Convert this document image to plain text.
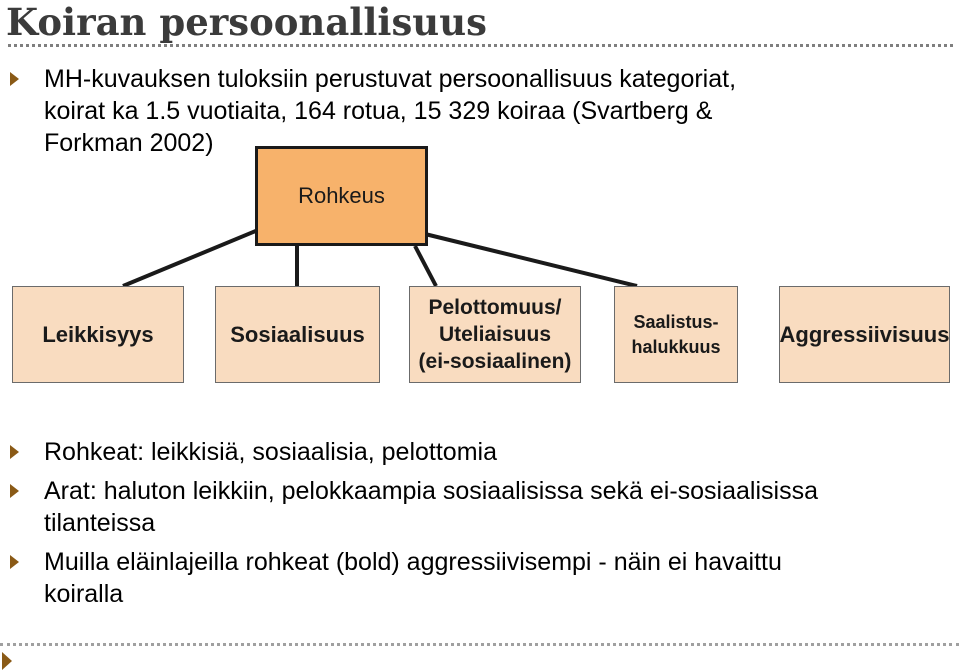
Koiran persoonallisuus
MH-kuvauksen tuloksiin perustuvat persoonallisuus kategoriat,
koirat ka 1.5 vuotiaita, 164 rotua, 15 329 koiraa (Svartberg &
Forkman 2002)
Rohkeus
Leikkisyys	Sosiaalisuus
Pelottomuus/
Uteliaisuus
(ei-sosiaalinen)
Saalistus-
halukkuus	Aggressiivisuus
Rohkeat: leikkisiä, sosiaalisia, pelottomia
Arat: haluton leikkiin, pelokkaampia sosiaalisissa sekä ei-sosiaalisissa
tilanteissa
Muilla eläinlajeilla rohkeat (bold) aggressiivisempi - näin ei havaittu
koiralla
